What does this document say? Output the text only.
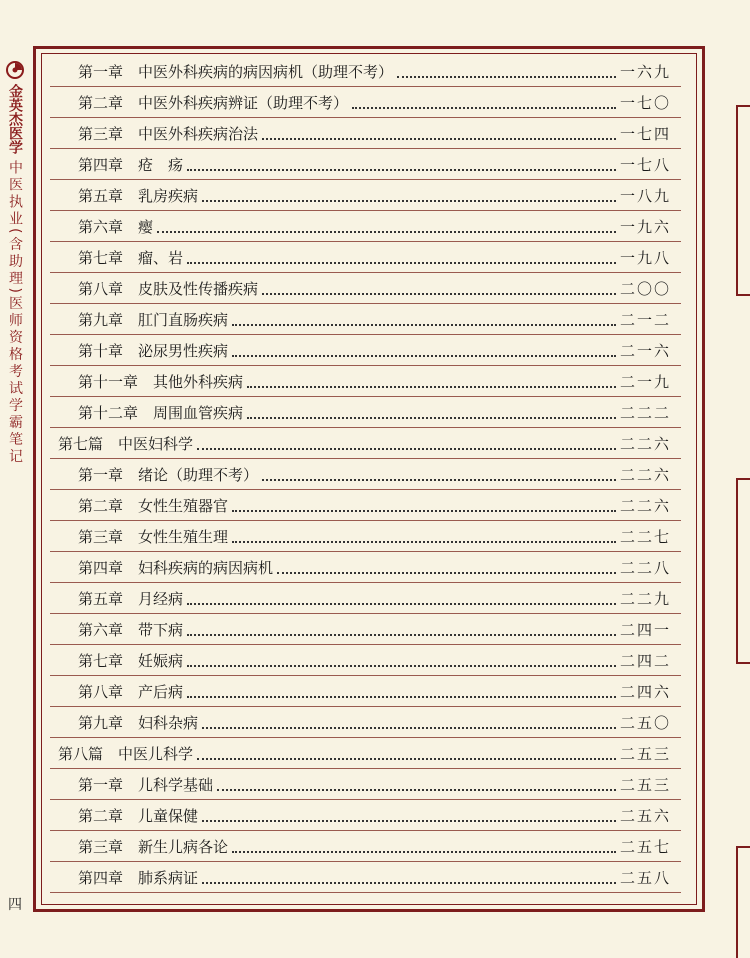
金英杰医学
中医执业(含助理)医师资格考试学霸笔记
四
第一章　中医外科疾病的病因病机（助理不考）	一六九
第二章　中医外科疾病辨证（助理不考）	一七〇
第三章　中医外科疾病治法	一七四
第四章　疮　疡	一七八
第五章　乳房疾病	一八九
第六章　瘿	一九六
第七章　瘤、岩	一九八
第八章　皮肤及性传播疾病	二〇〇
第九章　肛门直肠疾病	二一二
第十章　泌尿男性疾病	二一六
第十一章　其他外科疾病	二一九
第十二章　周围血管疾病	二二二
第七篇　中医妇科学	二二六
第一章　绪论（助理不考）	二二六
第二章　女性生殖器官	二二六
第三章　女性生殖生理	二二七
第四章　妇科疾病的病因病机	二二八
第五章　月经病	二二九
第六章　带下病	二四一
第七章　妊娠病	二四二
第八章　产后病	二四六
第九章　妇科杂病	二五〇
第八篇　中医儿科学	二五三
第一章　儿科学基础	二五三
第二章　儿童保健	二五六
第三章　新生儿病各论	二五七
第四章　肺系病证	二五八
